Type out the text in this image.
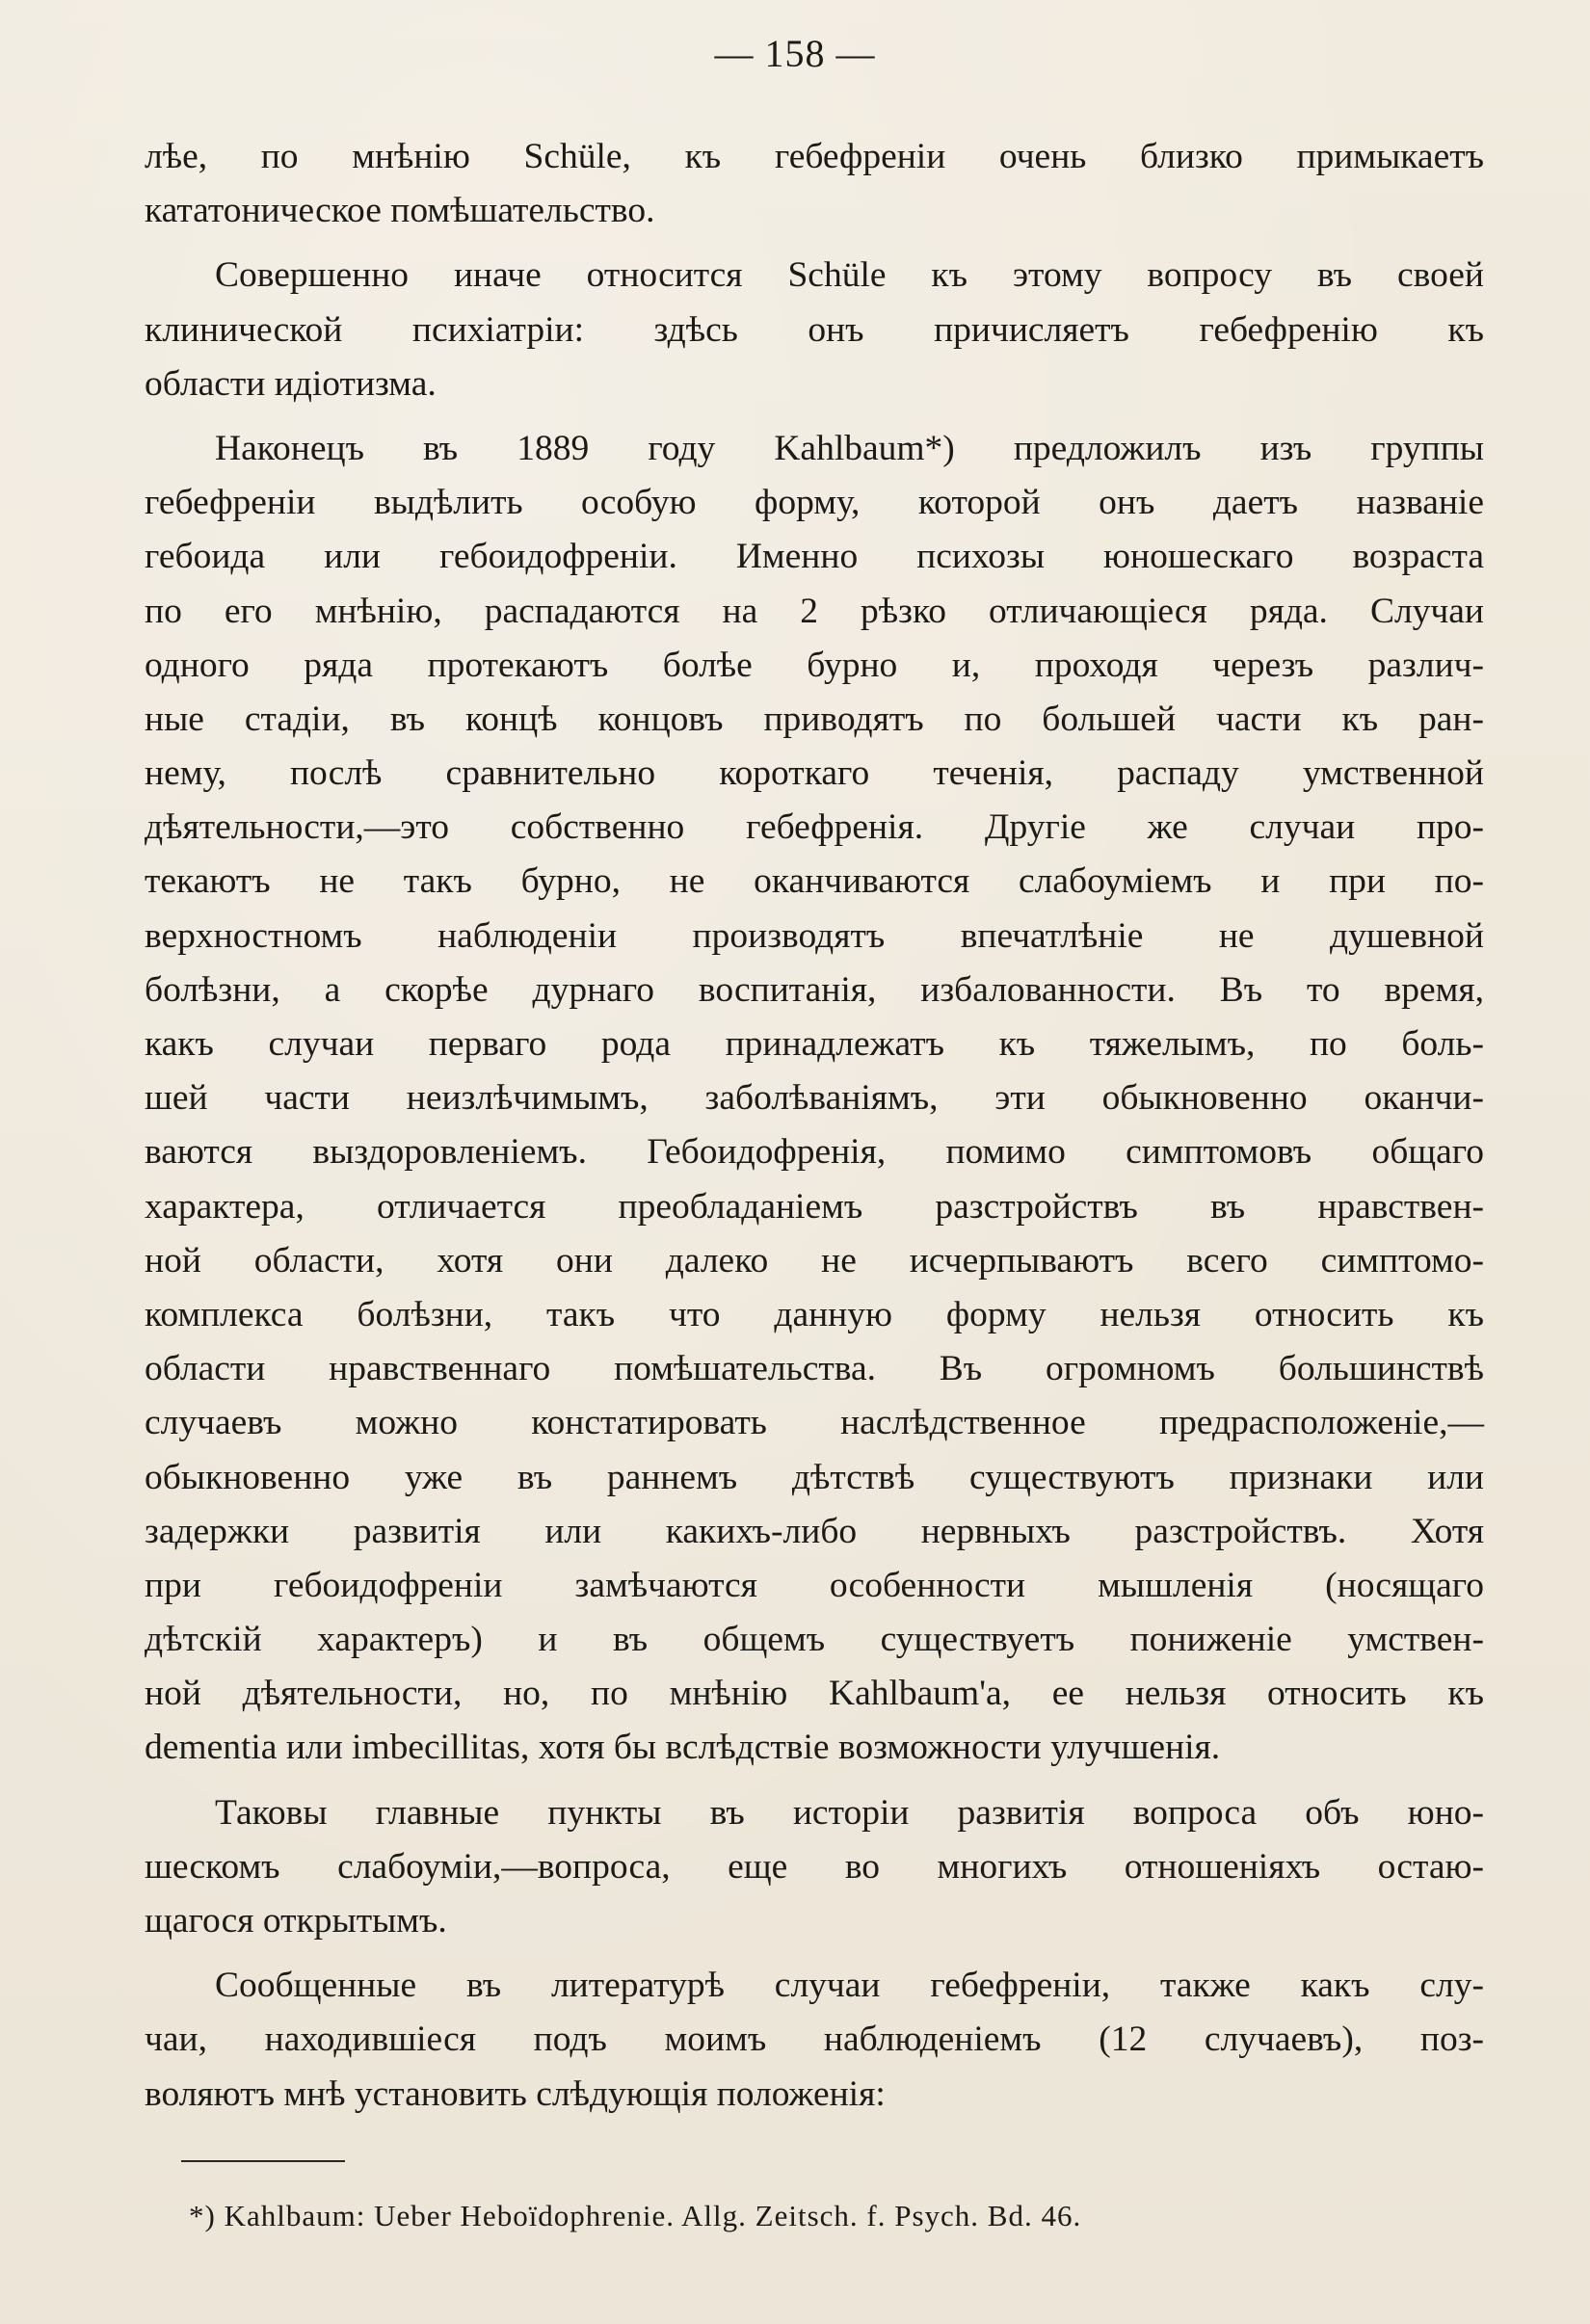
— 158 —
лѣе, по мнѣнію Schüle, къ гебефреніи очень близко примыкаетъ
кататоническое помѣшательство.
Совершенно иначе относится Schüle къ этому вопросу въ своей
клинической психіатріи: здѣсь онъ причисляетъ гебефренію къ
области идіотизма.
Наконецъ въ 1889 году Kahlbaum*) предложилъ изъ группы
гебефреніи выдѣлить особую форму, которой онъ даетъ названіе
гебоида или гебоидофреніи. Именно психозы юношескаго возраста
по его мнѣнію, распадаются на 2 рѣзко отличающіеся ряда. Случаи
одного ряда протекаютъ болѣе бурно и, проходя черезъ различ-
ные стадіи, въ концѣ концовъ приводятъ по большей части къ ран-
нему, послѣ сравнительно короткаго теченія, распаду умственной
дѣятельности,—это собственно гебефренія. Другіе же случаи про-
текаютъ не такъ бурно, не оканчиваются слабоуміемъ и при по-
верхностномъ наблюденіи производятъ впечатлѣніе не душевной
болѣзни, а скорѣе дурнаго воспитанія, избалованности. Въ то время,
какъ случаи перваго рода принадлежатъ къ тяжелымъ, по боль-
шей части неизлѣчимымъ, заболѣваніямъ, эти обыкновенно оканчи-
ваются выздоровленіемъ. Гебоидофренія, помимо симптомовъ общаго
характера, отличается преобладаніемъ разстройствъ въ нравствен-
ной области, хотя они далеко не исчерпываютъ всего симптомо-
комплекса болѣзни, такъ что данную форму нельзя относить къ
области нравственнаго помѣшательства. Въ огромномъ большинствѣ
случаевъ можно констатировать наслѣдственное предрасположеніе,—
обыкновенно уже въ раннемъ дѣтствѣ существуютъ признаки или
задержки развитія или какихъ-либо нервныхъ разстройствъ. Хотя
при гебоидофреніи замѣчаются особенности мышленія (носящаго
дѣтскій характеръ) и въ общемъ существуетъ пониженіе умствен-
ной дѣятельности, но, по мнѣнію Kahlbaum'а, ее нельзя относить къ
dementia или imbecillitas, хотя бы вслѣдствіе возможности улучшенія.
Таковы главные пункты въ исторіи развитія вопроса объ юно-
шескомъ слабоуміи,—вопроса, еще во многихъ отношеніяхъ остаю-
щагося открытымъ.
Сообщенные въ литературѣ случаи гебефреніи, также какъ слу-
чаи, находившіеся подъ моимъ наблюденіемъ (12 случаевъ), поз-
воляютъ мнѣ установить слѣдующія положенія:
*) Kahlbaum: Ueber Heboïdophrenie. Allg. Zeitsch. f. Psych. Bd. 46.
